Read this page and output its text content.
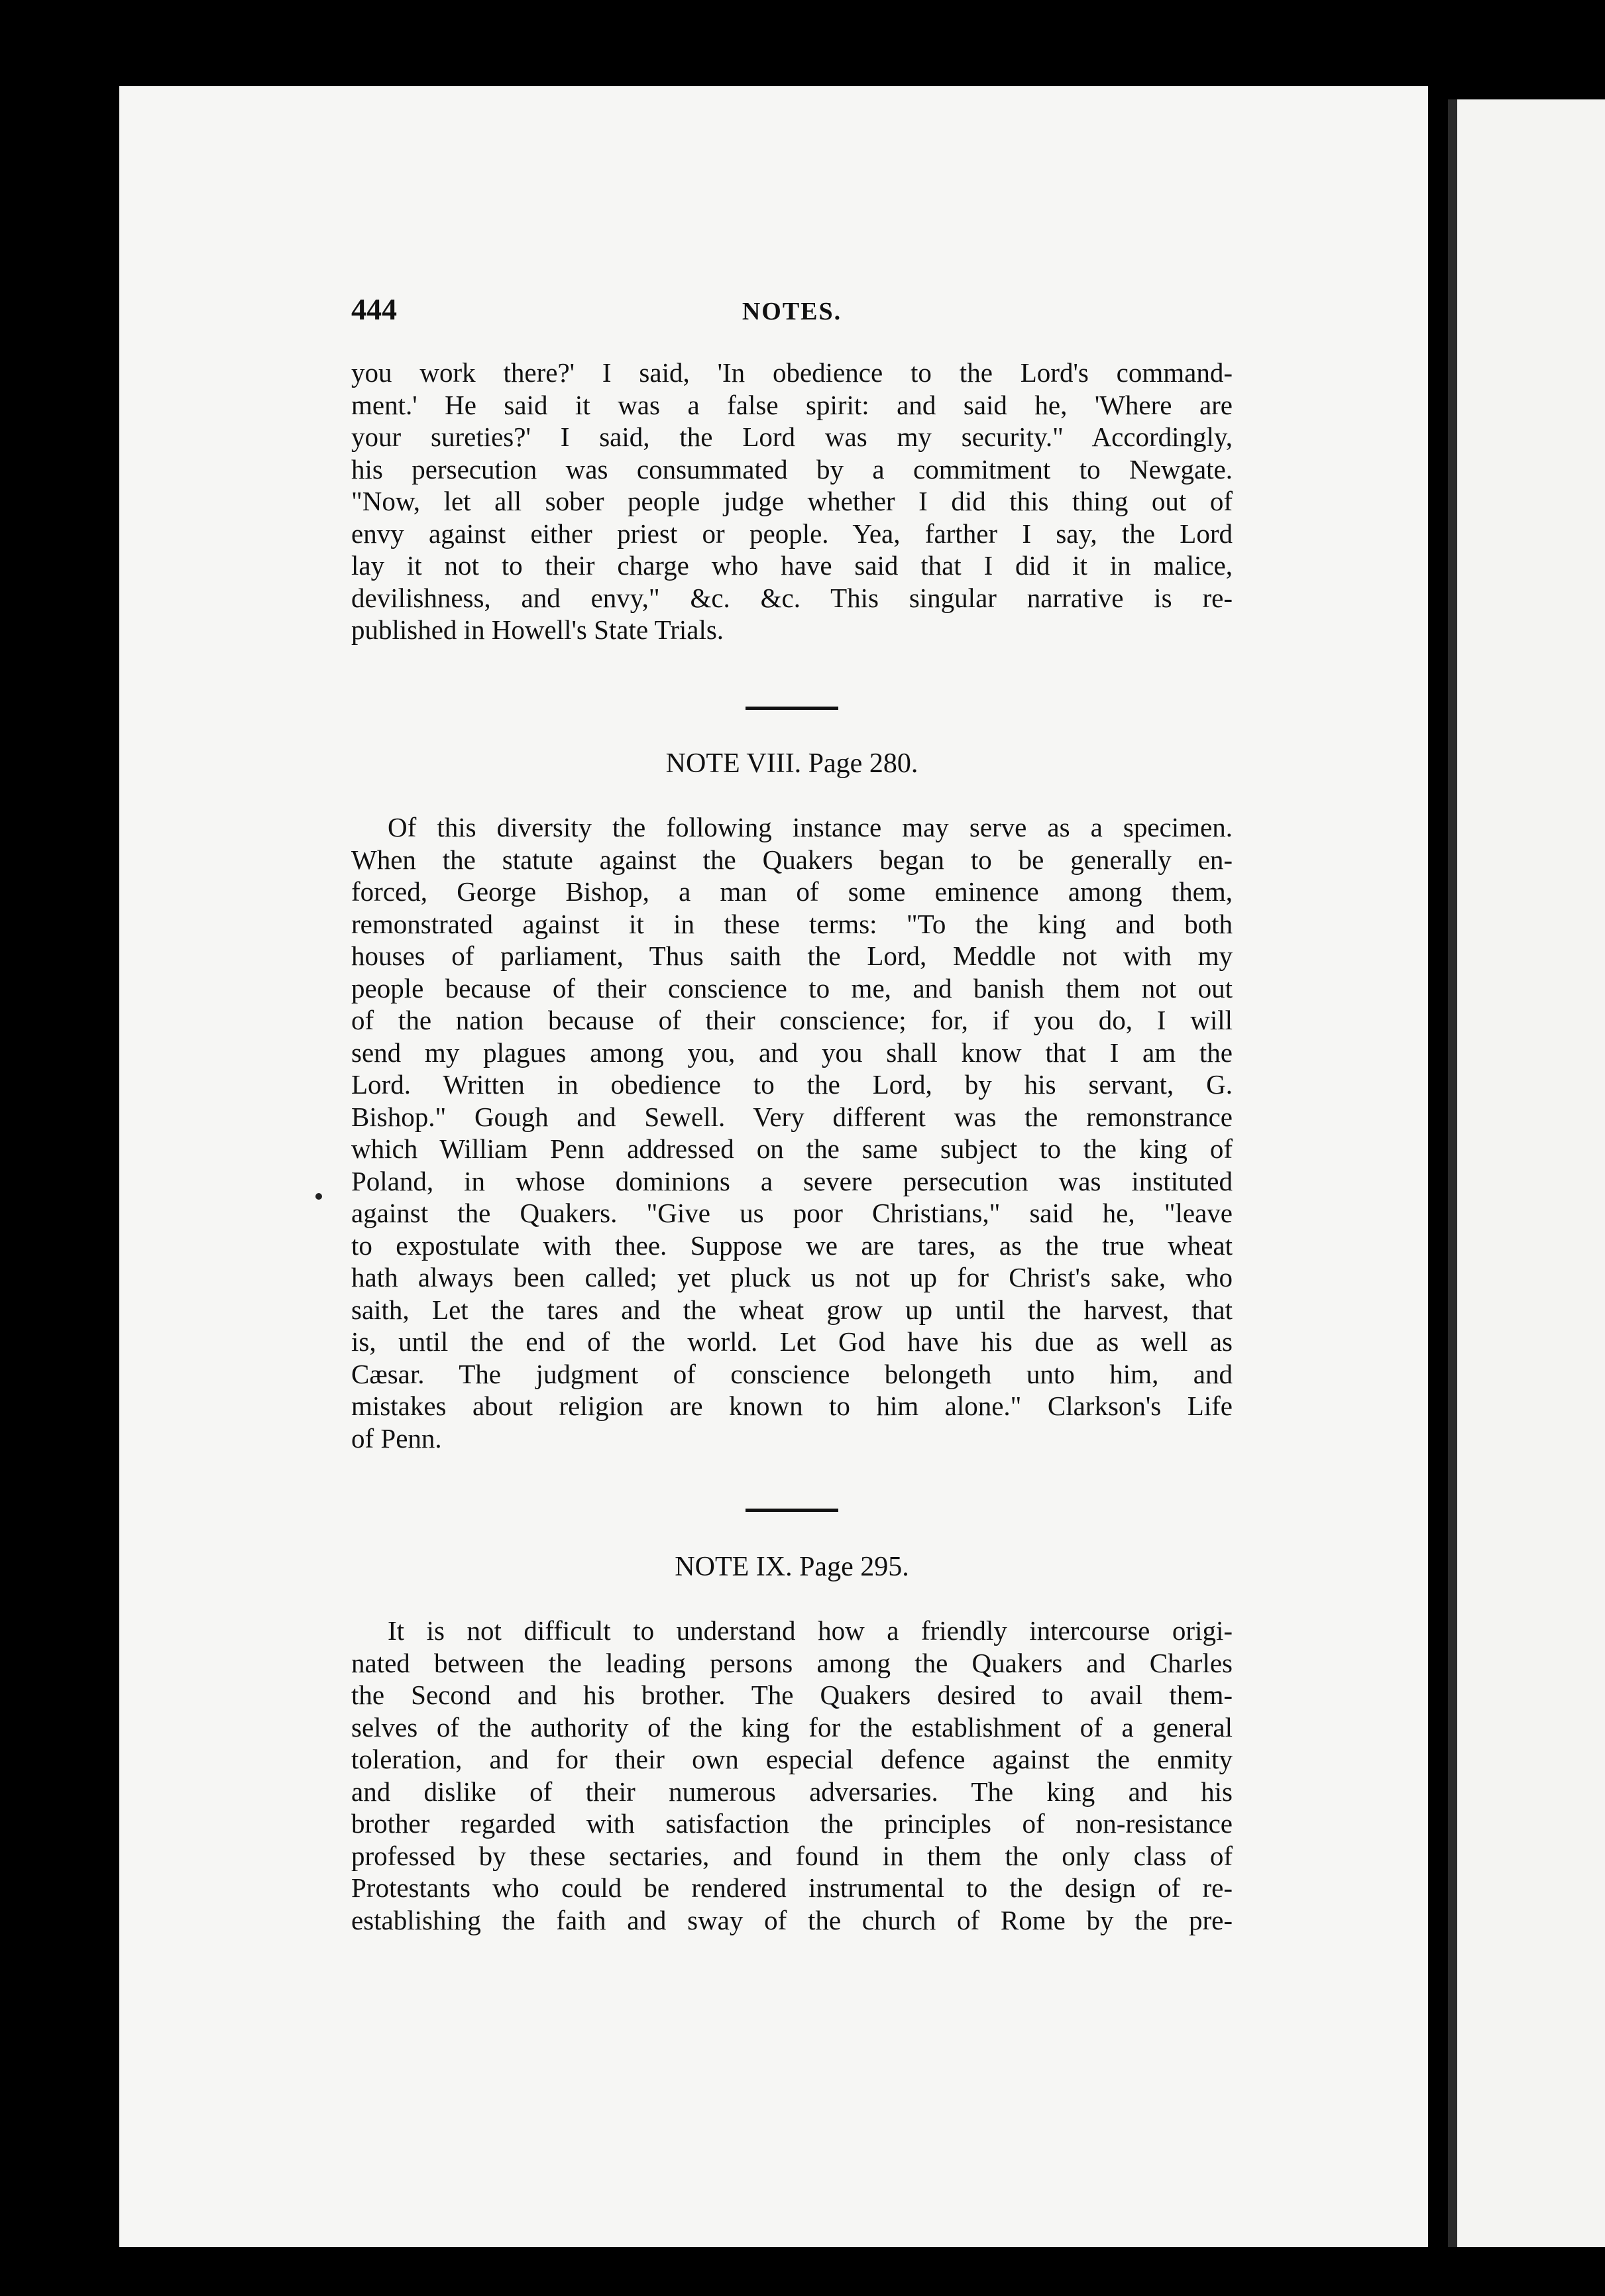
444	NOTES.
you work there?' I said, 'In obedience to the Lord's command-
ment.' He said it was a false spirit: and said he, 'Where are
your sureties?' I said, the Lord was my security." Accordingly,
his persecution was consummated by a commitment to Newgate.
"Now, let all sober people judge whether I did this thing out of
envy against either priest or people. Yea, farther I say, the Lord
lay it not to their charge who have said that I did it in malice,
devilishness, and envy," &c. &c. This singular narrative is re-
published in Howell's State Trials.
NOTE VIII. Page 280.
Of this diversity the following instance may serve as a specimen.
When the statute against the Quakers began to be generally en-
forced, George Bishop, a man of some eminence among them,
remonstrated against it in these terms: "To the king and both
houses of parliament, Thus saith the Lord, Meddle not with my
people because of their conscience to me, and banish them not out
of the nation because of their conscience; for, if you do, I will
send my plagues among you, and you shall know that I am the
Lord. Written in obedience to the Lord, by his servant, G.
Bishop." Gough and Sewell. Very different was the remonstrance
which William Penn addressed on the same subject to the king of
Poland, in whose dominions a severe persecution was instituted
against the Quakers. "Give us poor Christians," said he, "leave
to expostulate with thee. Suppose we are tares, as the true wheat
hath always been called; yet pluck us not up for Christ's sake, who
saith, Let the tares and the wheat grow up until the harvest, that
is, until the end of the world. Let God have his due as well as
Cæsar. The judgment of conscience belongeth unto him, and
mistakes about religion are known to him alone." Clarkson's Life
of Penn.
NOTE IX. Page 295.
It is not difficult to understand how a friendly intercourse origi-
nated between the leading persons among the Quakers and Charles
the Second and his brother. The Quakers desired to avail them-
selves of the authority of the king for the establishment of a general
toleration, and for their own especial defence against the enmity
and dislike of their numerous adversaries. The king and his
brother regarded with satisfaction the principles of non-resistance
professed by these sectaries, and found in them the only class of
Protestants who could be rendered instrumental to the design of re-
establishing the faith and sway of the church of Rome by the pre-
